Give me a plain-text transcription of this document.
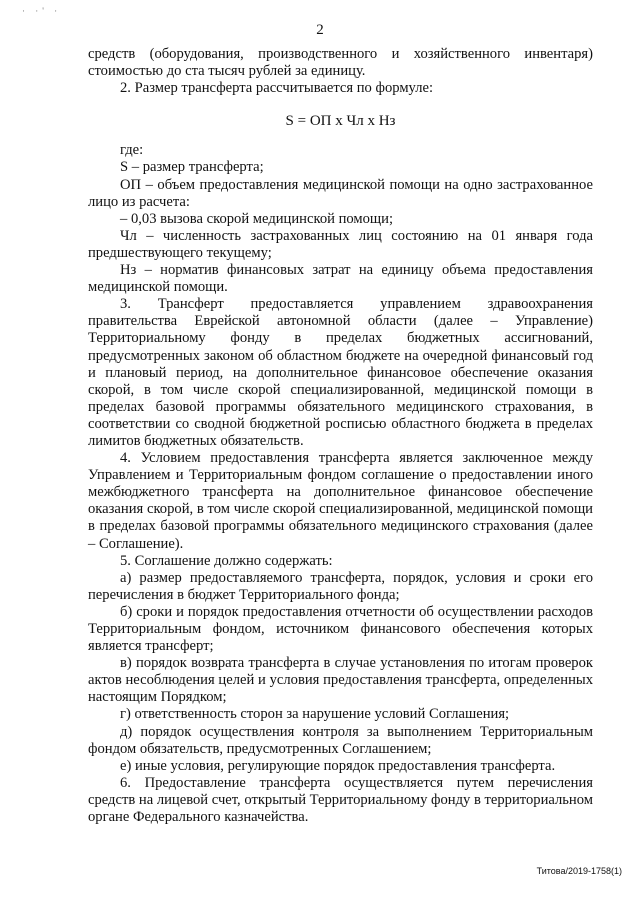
· ·' ·
2

средств (оборудования, производственного и хозяйственного инвентаря) стоимостью до ста тысяч рублей за единицу.

2. Размер трансферта рассчитывается по формуле:

S = ОП х Чл х Нз

где:

S – размер трансферта;

ОП – объем предоставления медицинской помощи на одно застрахованное лицо из расчета:

– 0,03 вызова скорой медицинской помощи;

Чл – численность застрахованных лиц состоянию на 01 января года предшествующего текущему;

Нз – норматив финансовых затрат на единицу объема предоставления медицинской помощи.

3. Трансферт предоставляется управлением здравоохранения правительства Еврейской автономной области (далее – Управление) Территориальному фонду в пределах бюджетных ассигнований, предусмотренных законом об областном бюджете на очередной финансовый год и плановый период, на дополнительное финансовое обеспечение оказания скорой, в том числе скорой специализированной, медицинской помощи в пределах базовой программы обязательного медицинского страхования, в соответствии со сводной бюджетной росписью областного бюджета в пределах лимитов бюджетных обязательств.

4. Условием предоставления трансферта является заключенное между Управлением и Территориальным фондом соглашение о предоставлении иного межбюджетного трансферта на дополнительное финансовое обеспечение оказания скорой, в том числе скорой специализированной, медицинской помощи в пределах базовой программы обязательного медицинского страхования (далее – Соглашение).

5. Соглашение должно содержать:

а) размер предоставляемого трансферта, порядок, условия и сроки его перечисления в бюджет Территориального фонда;

б) сроки и порядок предоставления отчетности об осуществлении расходов Территориальным фондом, источником финансового обеспечения которых является трансферт;

в) порядок возврата трансферта в случае установления по итогам проверок актов несоблюдения целей и условия предоставления трансферта, определенных настоящим Порядком;

г) ответственность сторон за нарушение условий Соглашения;

д) порядок осуществления контроля за выполнением Территориальным фондом обязательств, предусмотренных Соглашением;

е) иные условия, регулирующие порядок предоставления трансферта.

6. Предоставление трансферта осуществляется путем перечисления средств на лицевой счет, открытый Территориальному фонду в территориальном органе Федерального казначейства.

Титова/2019-1758(1)
